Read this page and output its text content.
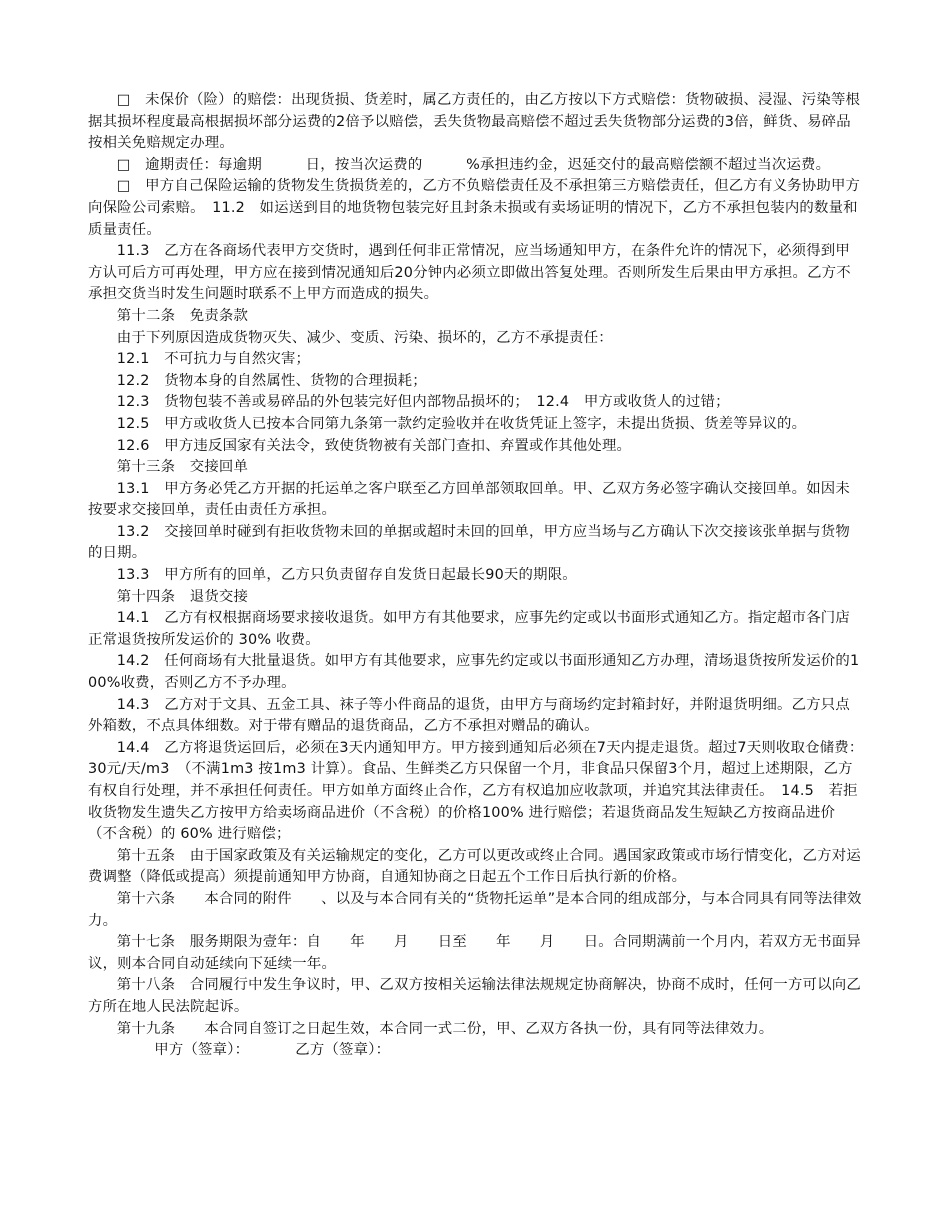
□　未保价（险）的赔偿：出现货损、货差时，属乙方责任的，由乙方按以下方式赔偿：货物破损、浸湿、污染等根据其损坏程度最高根据损坏部分运费的2倍予以赔偿，丢失货物最高赔偿不超过丢失货物部分运费的3倍，鲜货、易碎品按相关免赔规定办理。

□　逾期责任：每逾期　　　日，按当次运费的　　　%承担违约金，迟延交付的最高赔偿额不超过当次运费。

□　甲方自己保险运输的货物发生货损货差的，乙方不负赔偿责任及不承担第三方赔偿责任，但乙方有义务协助甲方向保险公司索赔。　11.2　如运送到目的地货物包装完好且封条未损或有卖场证明的情况下，乙方不承担包装内的数量和质量责任。

11.3　乙方在各商场代表甲方交货时，遇到任何非正常情况，应当场通知甲方，在条件允许的情况下，必须得到甲方认可后方可再处理，甲方应在接到情况通知后20分钟内必须立即做出答复处理。否则所发生后果由甲方承担。乙方不承担交货当时发生问题时联系不上甲方而造成的损失。

第十二条　免责条款

由于下列原因造成货物灭失、减少、变质、污染、损坏的，乙方不承提责任：

12.1　不可抗力与自然灾害；

12.2　货物本身的自然属性、货物的合理损耗；

12.3　货物包装不善或易碎品的外包装完好但内部物品损坏的；　12.4　甲方或收货人的过错；

12.5　甲方或收货人已按本合同第九条第一款约定验收并在收货凭证上签字，未提出货损、货差等异议的。

12.6　甲方违反国家有关法令，致使货物被有关部门查扣、弃置或作其他处理。

第十三条　交接回单

13.1　甲方务必凭乙方开据的托运单之客户联至乙方回单部领取回单。甲、乙双方务必签字确认交接回单。如因未按要求交接回单，责任由责任方承担。

13.2　交接回单时碰到有拒收货物未回的单据或超时未回的回单，甲方应当场与乙方确认下次交接该张单据与货物的日期。

13.3　甲方所有的回单，乙方只负责留存自发货日起最长90天的期限。

第十四条　退货交接

14.1　乙方有权根据商场要求接收退货。如甲方有其他要求，应事先约定或以书面形式通知乙方。指定超市各门店正常退货按所发运价的 30% 收费。

14.2　任何商场有大批量退货。如甲方有其他要求，应事先约定或以书面形通知乙方办理，清场退货按所发运价的100%收费，否则乙方不予办理。

14.3　乙方对于文具、五金工具、袜子等小件商品的退货，由甲方与商场约定封箱封好，并附退货明细。乙方只点外箱数，不点具体细数。对于带有赠品的退货商品，乙方不承担对赠品的确认。

14.4　乙方将退货运回后，必须在3天内通知甲方。甲方接到通知后必须在7天内提走退货。超过7天则收取仓储费：30元/天/m3　（不满1m3 按1m3 计算）。食品、生鲜类乙方只保留一个月，非食品只保留3个月，超过上述期限，乙方有权自行处理，并不承担任何责任。甲方如单方面终止合作，乙方有权追加应收款项，并追究其法律责任。　14.5　若拒收货物发生遗失乙方按甲方给卖场商品进价（不含税）的价格100% 进行赔偿；若退货商品发生短缺乙方按商品进价（不含税）的 60% 进行赔偿；

第十五条　由于国家政策及有关运输规定的变化，乙方可以更改或终止合同。遇国家政策或市场行情变化，乙方对运费调整（降低或提高）须提前通知甲方协商，自通知协商之日起五个工作日后执行新的价格。

第十六条　　本合同的附件　　、以及与本合同有关的“货物托运单”是本合同的组成部分，与本合同具有同等法律效力。

第十七条　服务期限为壹年：自　　年　　月　　日至　　年　　月　　日。合同期满前一个月内，若双方无书面异议，则本合同自动延续向下延续一年。

第十八条　合同履行中发生争议时，甲、乙双方按相关运输法律法规规定协商解决，协商不成时，任何一方可以向乙方所在地人民法院起诉。

第十九条　　本合同自签订之日起生效，本合同一式二份，甲、乙双方各执一份，具有同等法律效力。

甲方（签章）：	乙方（签章）：
